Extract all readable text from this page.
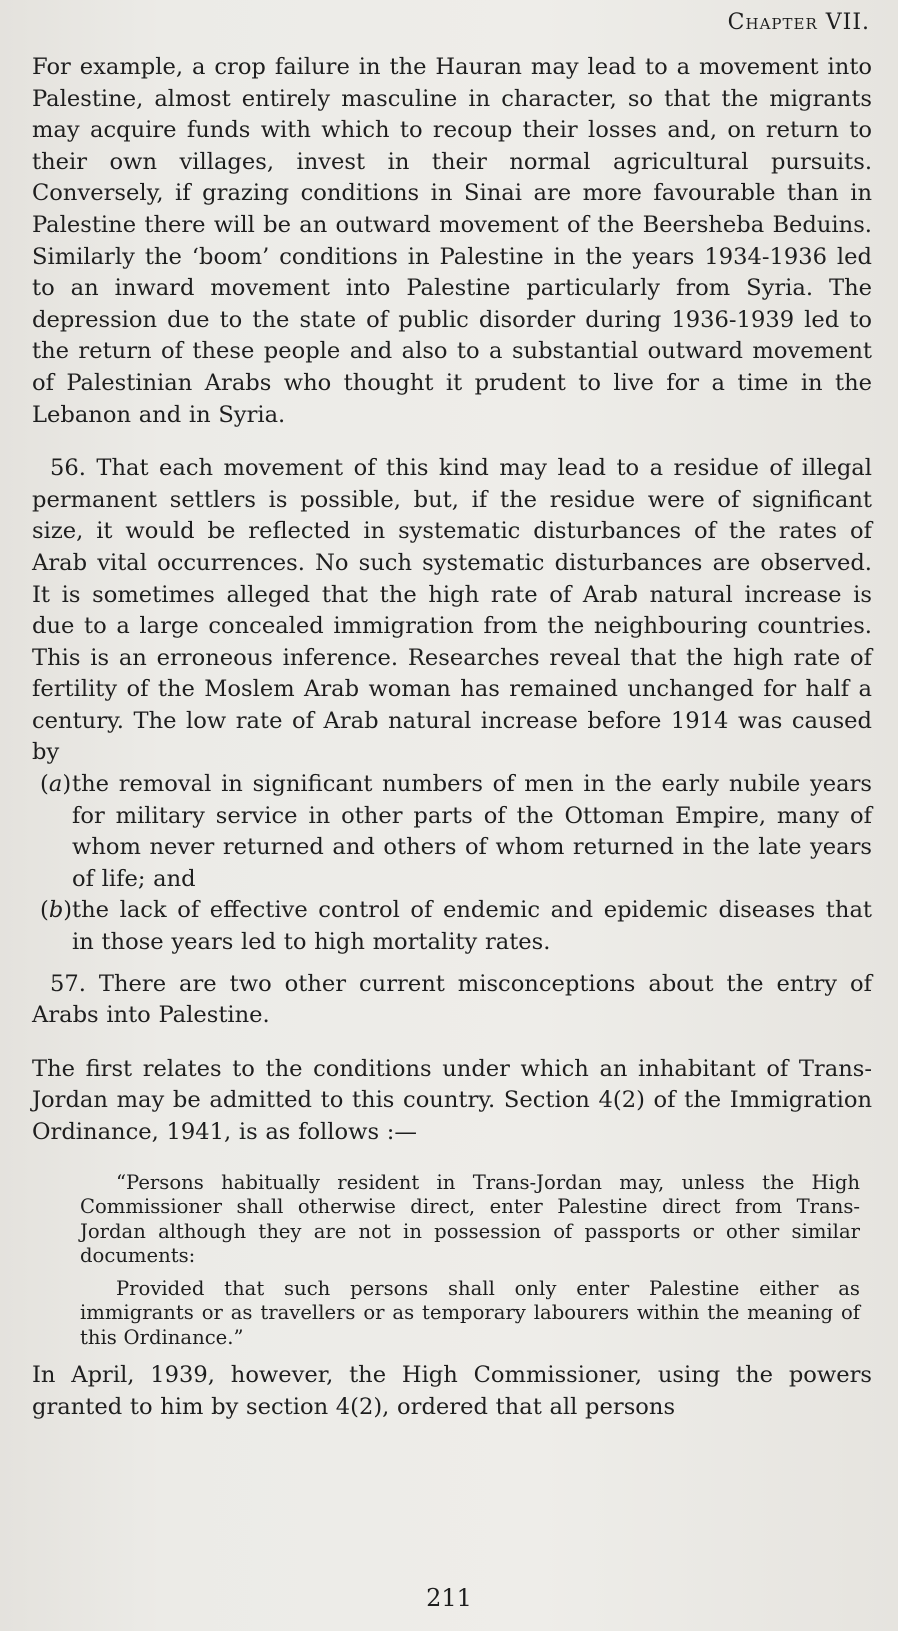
Chapter VII.

For example, a crop failure in the Hauran may lead to a movement into Palestine, almost entirely masculine in character, so that the migrants may acquire funds with which to recoup their losses and, on return to their own villages, invest in their normal agricultural pursuits. Conversely, if grazing conditions in Sinai are more favourable than in Palestine there will be an outward movement of the Beersheba Beduins. Similarly the ‘boom’ conditions in Palestine in the years 1934-1936 led to an inward movement into Palestine particularly from Syria. The depression due to the state of public disorder during 1936-1939 led to the return of these people and also to a substantial outward movement of Palestinian Arabs who thought it prudent to live for a time in the Lebanon and in Syria.

56. That each movement of this kind may lead to a residue of illegal permanent settlers is possible, but, if the residue were of significant size, it would be reflected in systematic disturbances of the rates of Arab vital occurrences. No such systematic disturbances are observed. It is sometimes alleged that the high rate of Arab natural increase is due to a large concealed immigration from the neighbouring countries. This is an erroneous inference. Researches reveal that the high rate of fertility of the Moslem Arab woman has remained unchanged for half a century. The low rate of Arab natural increase before 1914 was caused by

(a) the removal in significant numbers of men in the early nubile years for military service in other parts of the Ottoman Empire, many of whom never returned and others of whom returned in the late years of life; and

(b) the lack of effective control of endemic and epidemic diseases that in those years led to high mortality rates.

57. There are two other current misconceptions about the entry of Arabs into Palestine.

The first relates to the conditions under which an inhabitant of Trans-Jordan may be admitted to this country. Section 4(2) of the Immigration Ordinance, 1941, is as follows :—

“Persons habitually resident in Trans-Jordan may, unless the High Commissioner shall otherwise direct, enter Palestine direct from Trans-Jordan although they are not in possession of passports or other similar documents:

Provided that such persons shall only enter Palestine either as immigrants or as travellers or as temporary labourers within the meaning of this Ordinance.”

In April, 1939, however, the High Commissioner, using the powers granted to him by section 4(2), ordered that all persons

211
